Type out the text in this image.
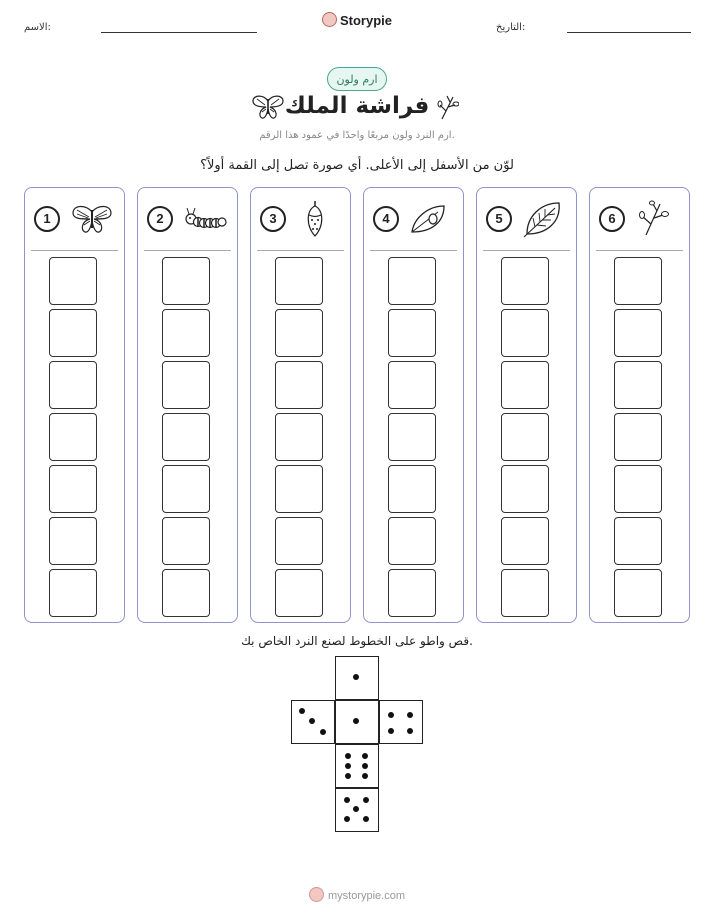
الاسم:	Storypie	التاريخ:
ارم ولون
فراشة الملك
ارم النرد ولون مربعًا واحدًا في عمود هذا الرقم.
لوّن من الأسفل إلى الأعلى. أي صورة تصل إلى القمة أولاً؟
1	2	3	4	5	6
قص واطو على الخطوط لصنع النرد الخاص بك.
mystorypie.com
